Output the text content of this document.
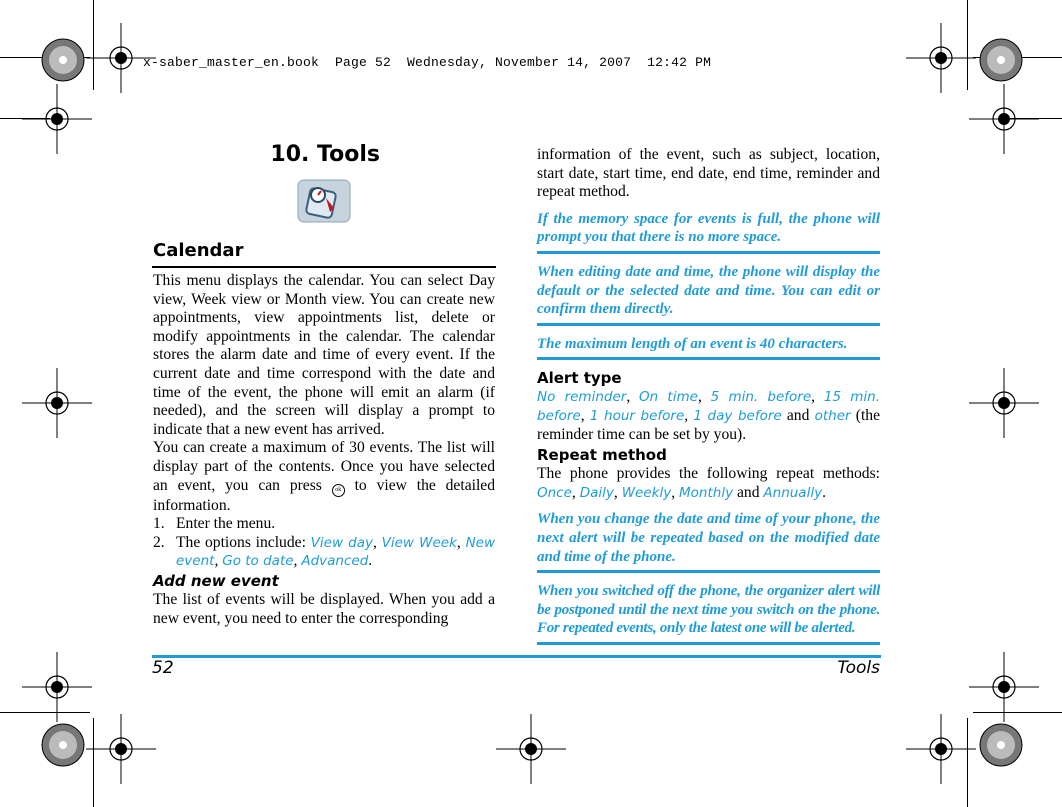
x-saber_master_en.book  Page 52  Wednesday, November 14, 2007  12:42 PM
10. Tools
Calendar

This menu displays the calendar. You can select Day view, Week view or Month view. You can create new appointments, view appointments list, delete or modify appointments in the calendar. The calendar stores the alarm date and time of every event. If the current date and time correspond with the date and time of the event, the phone will emit an alarm (if needed), and the screen will display a prompt to indicate that a new event has arrived.

You can create a maximum of 30 events. The list will display part of the contents. Once you have selected an event, you can press ok to view the detailed information.

1. Enter the menu.
2. The options include: View day, View Week, New event, Go to date, Advanced.

Add new event

The list of events will be displayed. When you add a new event, you need to enter the corresponding

information of the event, such as subject, location, start date, start time, end date, end time, reminder and repeat method.

If the memory space for events is full, the phone will prompt you that there is no more space.
When editing date and time, the phone will display the default or the selected date and time. You can edit or confirm them directly.
The maximum length of an event is 40 characters.

Alert type

No reminder, On time, 5 min. before, 15 min. before, 1 hour before, 1 day before and other (the reminder time can be set by you).

Repeat method

The phone provides the following repeat methods: Once, Daily, Weekly, Monthly and Annually.

When you change the date and time of your phone, the next alert will be repeated based on the modified date and time of the phone.
When you switched off the phone, the organizer alert will be postponed until the next time you switch on the phone. For repeated events, only the latest one will be alerted.
52	Tools
